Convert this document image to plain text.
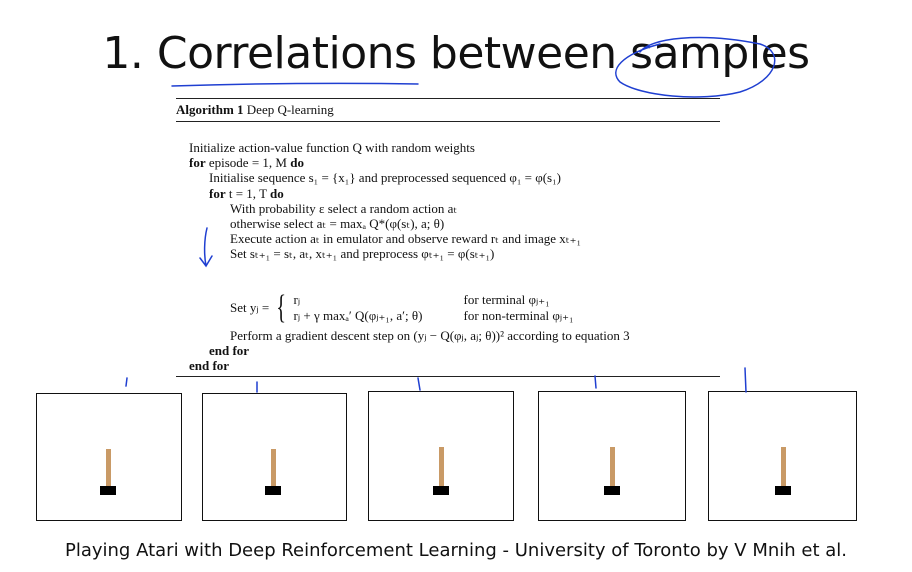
1. Correlations between samples
Algorithm 1 Deep Q-learning
Initialize action-value function Q with random weights
for episode = 1, M do
Initialise sequence s₁ = {x₁} and preprocessed sequenced φ₁ = φ(s₁)
for t = 1, T do
With probability ε select a random action aₜ
otherwise select aₜ = maxₐ Q*(φ(sₜ), a; θ)
Execute action aₜ in emulator and observe reward rₜ and image xₜ₊₁
Set sₜ₊₁ = sₜ, aₜ, xₜ₊₁ and preprocess φₜ₊₁ = φ(sₜ₊₁)
Set yⱼ = { rⱼ	for terminal φⱼ₊₁
rⱼ + γ maxₐ′ Q(φⱼ₊₁, a′; θ)	for non-terminal φⱼ₊₁
Perform a gradient descent step on (yⱼ − Q(φⱼ, aⱼ; θ))² according to equation 3
end for
end for
Playing Atari with Deep Reinforcement Learning - University of Toronto by V Mnih et al.
